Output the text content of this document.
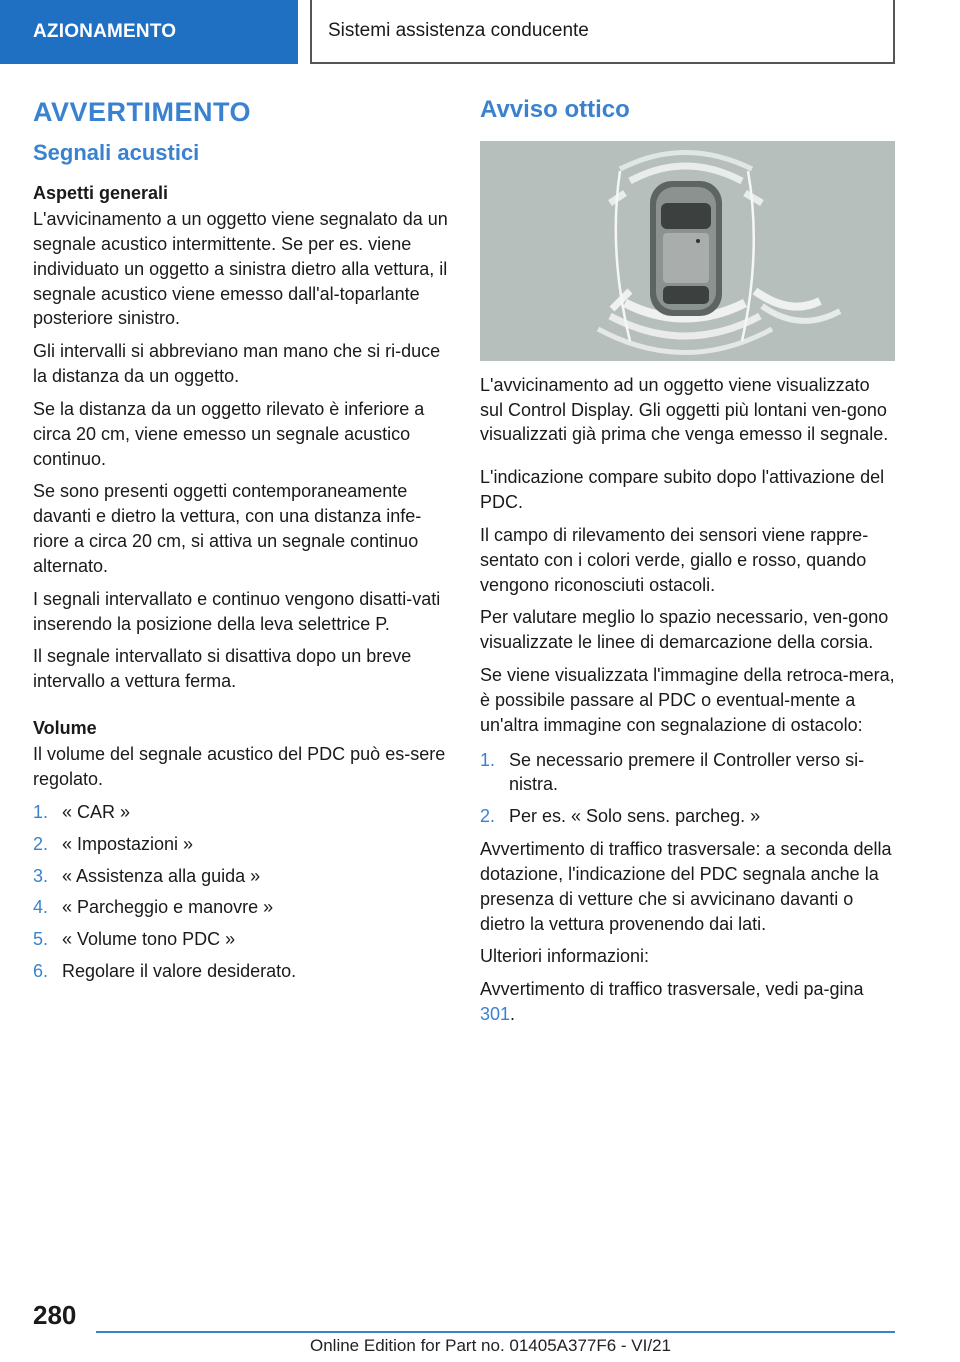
AZIONAMENTO	Sistemi assistenza conducente
AVVERTIMENTO
Segnali acustici
Aspetti generali

L'avvicinamento a un oggetto viene segnalato da un segnale acustico intermittente. Se per es. viene individuato un oggetto a sinistra dietro alla vettura, il segnale acustico viene emesso dall'al-toparlante posteriore sinistro.

Gli intervalli si abbreviano man mano che si ri-duce la distanza da un oggetto.

Se la distanza da un oggetto rilevato è inferiore a circa 20 cm, viene emesso un segnale acustico continuo.

Se sono presenti oggetti contemporaneamente davanti e dietro la vettura, con una distanza infe-riore a circa 20 cm, si attiva un segnale continuo alternato.

I segnali intervallato e continuo vengono disatti-vati inserendo la posizione della leva selettrice P.

Il segnale intervallato si disattiva dopo un breve intervallo a vettura ferma.

Volume

Il volume del segnale acustico del PDC può es-sere regolato.

1. « CAR »
2. « Impostazioni »
3. « Assistenza alla guida »
4. « Parcheggio e manovre »
5. « Volume tono PDC »
6. Regolare il valore desiderato.
Avviso ottico

L'avvicinamento ad un oggetto viene visualizzato sul Control Display. Gli oggetti più lontani ven-gono visualizzati già prima che venga emesso il segnale.

L'indicazione compare subito dopo l'attivazione del PDC.

Il campo di rilevamento dei sensori viene rappre-sentato con i colori verde, giallo e rosso, quando vengono riconosciuti ostacoli.

Per valutare meglio lo spazio necessario, ven-gono visualizzate le linee di demarcazione della corsia.

Se viene visualizzata l'immagine della retroca-mera, è possibile passare al PDC o eventual-mente a un'altra immagine con segnalazione di ostacolo:

1. Se necessario premere il Controller verso si-nistra.
2. Per es. « Solo sens. parcheg. »

Avvertimento di traffico trasversale: a seconda della dotazione, l'indicazione del PDC segnala anche la presenza di vetture che si avvicinano davanti o dietro la vettura provenendo dai lati.

Ulteriori informazioni:

Avvertimento di traffico trasversale, vedi pa-gina 301.

280
Online Edition for Part no. 01405A377F6 - VI/21
